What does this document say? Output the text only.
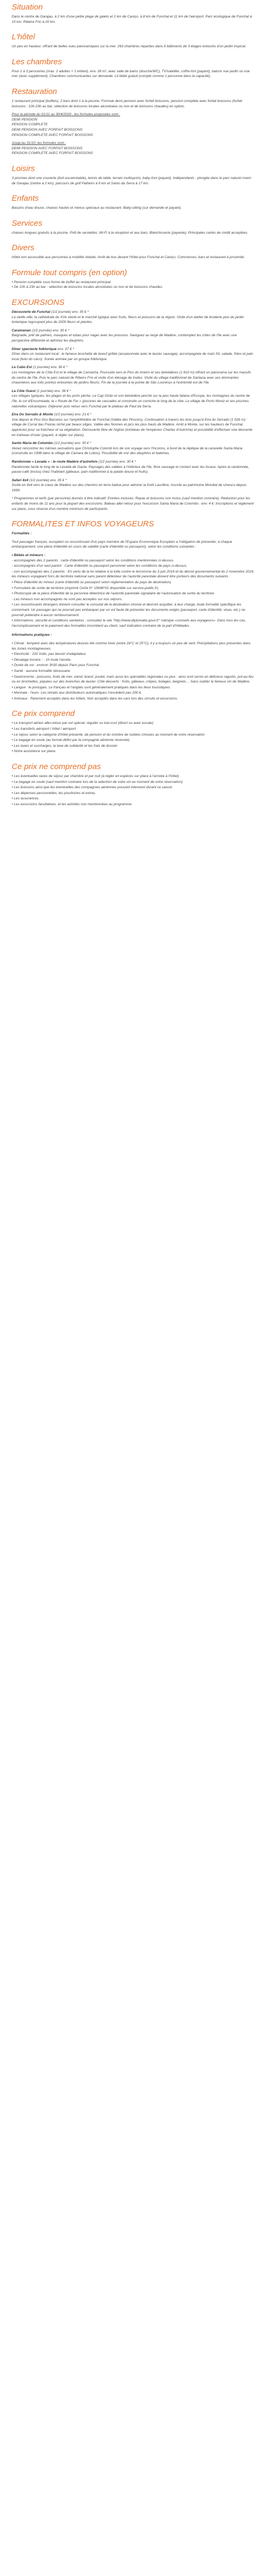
Situation

Dans le centre de Garajau, à 2 km d'une petite plage de galets et 2 km de Caniço, à 8 km de Funchal et 11 km de l'aéroport. Parc écologique de Funchal à 15 km. Ribeira Frio à 20 km.

L'hôtel

Un peu en hauteur, offrant de belles vues panoramiques sur la mer. 263 chambres réparties dans 6 bâtiments de 3 étages entourés d'un jardin tropical.

Les chambres

Pour 1 à 3 personnes (max. 2 adultes + 1 enfant), env. 28 m², avec salle de bains (douche/WC), TV/satellite, coffre-fort (payant), balcon vue jardin ou vue mer (avec supplément). Chambres communicantes sur demande. Lit bébé gratuit (compte comme 1 personne dans la capacité).

Restauration

1 restaurant principal (buffets), 2 bars dont 1 à la piscine. Formule demi pension avec forfait boissons, pension complète avec forfait boissons (forfait boissons : 10h-23h au bar, sélection de boissons locales alcoolisées ou non et de boissons chaudes) en option.

Pour la période du 01/11 au 30/4/2020 , les formules proposées sont :

DEMI PENSION

PENSION COMPLETE

DEMI PENSION AVEC FORFAIT BOISSONS

PENSION COMPLETE AVEC FORFAIT BOISSONS

Jusqu'au 31/10, les formules sont :

DEMI PENSION AVEC FORFAIT BOISSONS

PENSION COMPLETE AVEC FORFAIT BOISSONS

Loisirs

3 piscines dont une couverte (boil escamotable), tennis de table, terrain multisports, baby-foot (payant). Indépendants : plongée dans le parc naturel marin de Garajau (centre à 2 km), parcours de golf Palheiro à 6 km et Santo da Serra à 17 km.

Enfants

Bassins d'eau douce, chaises hautes et menus spéciaux au restaurant. Baby-sitting (sur demande et payant).

Services

chaises longues gratuits à la piscine. Prêt de serviettes. Wi-Fi à la réception et aux bars. Blanchisserie (payante). Principales cartes de crédit acceptées.

Divers

Hôtel non accessible aux personnes à mobilité réduite. Arrêt de bus devant l'hôtel pour Funchal et Caniço. Commerces, bars et restaurant à proximité.

Formule tout compris (en option)

• Pension complète sous forme de buffet au restaurant principal.

• De 10h à 23h au bar : sélection de boissons locales alcoolisées ou non et de boissons chaudes.

EXCURSIONS

Découverte de Funchal (1/2 journée) env. 35 € *

La vieille ville, la cathédrale du XVe siècle et le marché typique avec fruits, fleurs et poissons de la région. Visite d'un atelier de broderie puis du jardin botanique regroupant plus de 2000 fleurs et plantes.

Caramanan (1/2 journée) env. 30 € *

Baignade, prêt de palmes, masques et tubas pour nager avec les poissons. Naviguez au large de Madère, contemplez les côtes de l'île avec une perspective différente et admirez les dauphins.

Dîner spectacle folklorique env. 37 € *

Dîner dans un restaurant local : le fameux brochette de boeuf grillée (assaisonnée avec le laurier sauvage), accompagnée de maïs frit, salade, frites et pain local (bolo do caco). Soirée animée par un groupe folklorique.

Le Cabo Est (1 journée) env. 36 € *

Les montagnes de la Côte Est et le village de Camacha. Poursuite vers le Pico do Arieiro et ses belvédères (1 810 m) offrant un panorama sur les massifs du centre de l'île. Puis le parc naturel de Ribeiro Frio et visite d'un élevage de truites. Visite du village traditionnel de Santana avec ses étonnantes chaumières aux toits pointus entourées de jardins fleuris. Fin de la journée à la pointe de São Lourenço à l'extrémité est de l'île.

La Côte Ouest (1 journée) env. 36 € *

Les villages typiques, les plages et les ports pêche. Le Cap Girão et son belvédère perché sur la plus haute falaise d'Europe, les montagnes du centre de l'île, le col d'Encumeada, la « Route de Fer » (piscines de cascades et construite un corniche le long de la côte. Le village de Porto Moniz et ses piscines naturelles volcaniques. Déjeuner puis retour vers Funchal par le plateau de Paul da Serra.

Eira Do Serrado & Monte (1/2 journée) env. 21 € *

Vue depuis le Pico Dos Barcelos sur l'amphithéâtre de Funchal (Vallée des Pinsons). Continuation à travers les bois jusqu'à Eira do Serrado (1 026 m) : village de Curral das Freiras niché par beaux sitges. Vallée des Nonnes et pics les plus hauts de Madère. Arrêt à Monte, sur les hauteurs de Funchal, appréciez pour sa fraîcheur et sa végétation. Découverte libre de l'église (tombeau de l'empereur Charles d'Autriche) et possibilité d'effectuer une descente en traîneau d'osier (payant, à régler sur place).

Santo Maria de Colombo (1/2 journée) env. 35 € *

Venez rencontrer les mêmes sensations que Christophe Colomb lors de son voyage vers l'Inconnu, à bord de la réplique de la caravelle Santa Maria (construite en 1998 dans le village de Camara de Lobos). Possibilité de voir des dauphins et baleines.

Randonnée « Levada » : le route Madère d'autrefois (1/2 journée) env. 30 € *

Randonnée facile le long de la Levada de Gaula. Paysages des vallées à l'intérieur de l'île, flore sauvage et contact avec les locaux. Après la randonnée, pause-café (inclus) chez l'habitant (gâteaux, pain traditionnel à la patate douce et fruits).

Safari 4x4 (1/2 journée) env. 35 € *

Sortie en 4x4 vers le coeur de Madère sur des chemins en terre battue pour admirer la forêt Laurifère, inscrite au patrimoine Mondial de Unesco depuis 1999.

* Programmes et tarifs (par personne) donnés à titre indicatif. Entrées incluses. Repas et boissons non inclus (sauf mention contraire). Réduction pour les enfants de moins de 11 ans pour la plupart des excursions. Bateau aller-retour pour l'excursion Santa Maria de Colombo : env. 4 €. Inscriptions et règlement sur place, sous réserve d'un nombre minimum de participants.

FORMALITES ET INFOS VOYAGEURS

Formalités :

Tout passager français, européen ou ressortissant d'un pays membre de l'Espace Economique Européen a l'obligation de présenter, à chaque embarquement, une pièce d'identité en cours de validité (carte d'identité ou passeport), selon les conditions suivantes :

• Bébés et mineurs :

- accompagnés des 2 parents : carte d'identité ou passeport selon les conditions mentionnées ci-dessus.

- accompagnés d'un seul parent : Carte d'identité ou passeport personnel selon les conditions de pays ci-dessus.

- non accompagnés des 2 parents : En vertu de la loi relative à la lutte contre le terrorisme du 3 juin 2016 et du décret gouvernemental du 2 novembre 2016, les mineurs voyageant hors du territoire national sans parent détenteur de l'autorité parentale doivent être porteurs des documents suivants :

• Pièce d'identité du mineur (carte d'identité ou passeport selon réglementation du pays de destination)

• Formulaire de sortie de territoire (imprimé Cerfa N° 15646*01 disponible sur service-public.fr)

• Photocopie de la pièce d'identité de la personne détentrice de l'autorité parentale signataire de l'autorisation de sortie du territoire

- Les mineurs non accompagnés ne sont pas acceptés sur nos séjours.

• Les ressortissants étrangers doivent consulter le consulat de la destination choisie et devront acquitter, à leur charge, toute formalité spécifique les concernant. Un passager qui ne pourrait pas embarquer par un vol faute de présenter les documents exigés (passeport, carte d'identité, visas, etc.) ne pourrait prétendre à aucun remboursement.

• Informations, sécurité et conditions sanitaires : consultez le site "http://www.diplomatie.gouv.fr" rubrique «conseils aux voyageurs». Dans tous les cas, l'accomplissement et le paiement des formalités incombent au client, sauf indication contraire de la part d'Héliades .

Informations pratiques :

• Climat : tempéré avec des températures douces été comme hiver (entre 18°C et 25°C), il y a toujours un peu de vent. Précipitations plus présentes dans les zones montagneuses.

• Electricité : 220 Volts, pas besoin d'adaptateur.

• Décalage horaire : - 1h toute l'année.

• Durée de vol : environ 3h30 depuis Paris pour Funchal.

• Santé : aucune formalité nécessaire.

• Gastronomie : poissons, fruits de mer, viand, boeuf, poulet, maïs aussi les spécialités régionales ou plus : ainsi sont servis en délicieux ragoûts, pot-au-feu ou en brochettes, piquées sur des branches de laurier. Côté desserts : fruits, gâteaux, crêpes, bolages, beignets… Sans oublier le fameux vin de Madère.

• Langue : le portugais. Le français et l'anglais sont généralement pratiqués dans les lieux touristiques.

• Monnaie : l'euro. Les retraits aux distributeurs automatiques n'excèdent pas 200 €.

• Animaux : Rarement acceptés dans les hôtels. Non acceptés dans les cars lors des circuits et excursions.

Ce prix comprend

• Le transport aérien aller-retour par vol spécial, régulier ou low-cost (direct ou avec escale)

• Les transferts aéroport / hôtel / aéroport

• Le séjour selon la catégorie d'hôtel présenté, de pension et du nombre de nuitées choisies au moment de votre réservation

• Le bagage en soute (au format défini par la compagnie aérienne réservée)

• Les taxes et surcharges, la taxe de solidarité et les frais de dossier

• Notre assistance sur place.

Ce prix ne comprend pas

• Les éventuelles taxes de séjour par chambre et par nuit (à régler en espèces sur place à l'arrivée à l'hôtel).

• Le bagage en soute (sauf mention contraire lors de la sélection de votre vol au moment de votre réservation)

• Les boissons ainsi que les éventuelles des compagnies aériennes pouvant intervenir durant ce saison.

• Les dépenses personnelles, les pourboires et extras.

• Les assurances.

• Les excursions facultatives, et les activités non mentionnées au programme.
